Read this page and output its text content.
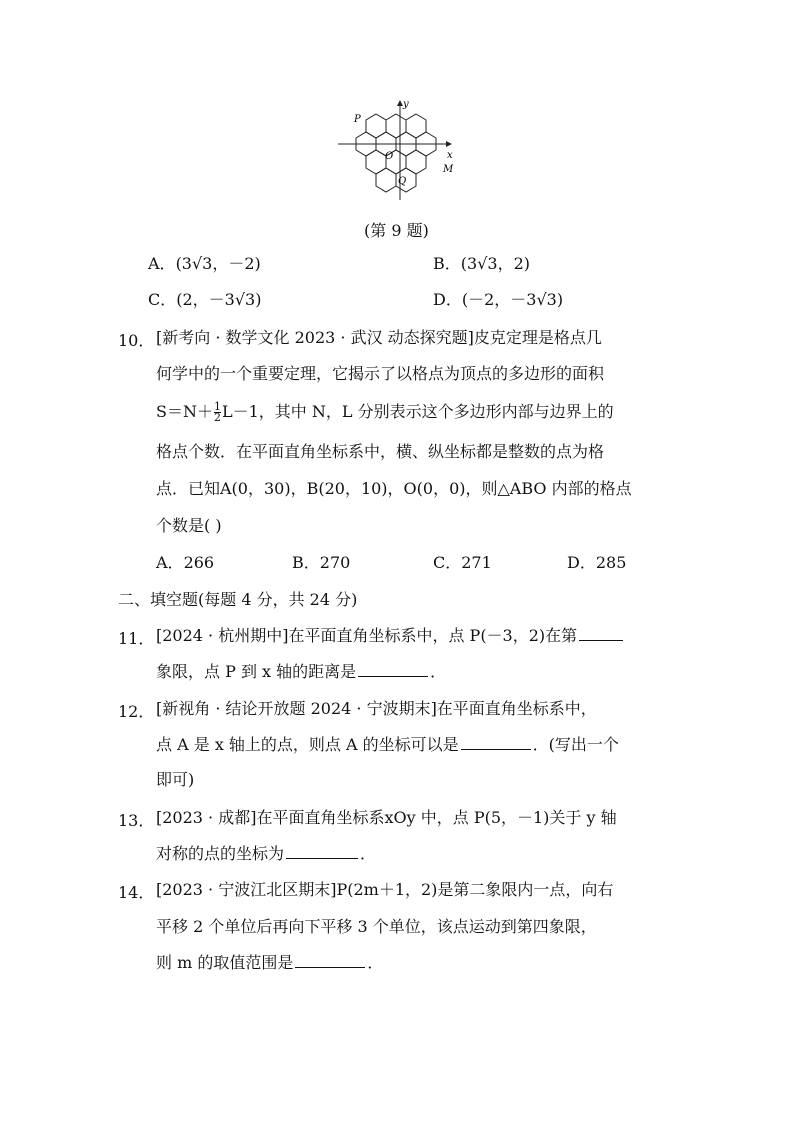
P
O
Q
M
x
y
(第 9 题)
A．(3√3，－2)	B．(3√3，2)
C．(2，－3√3)	D．(－2，－3√3)
10． [新考向 · 数学文化 2023 · 武汉 动态探究题]皮克定理是格点几
何学中的一个重要定理，它揭示了以格点为顶点的多边形的面积
$S=N+ \frac{1}{2} L-1$，其中 N，L 分别表示这个多边形内部与边界上的
格点个数．在平面直角坐标系中，横、纵坐标都是整数的点为格
点．已知A(0，30)，B(20，10)，O(0，0)，则△ABO 内部的格点
个数是( )
A．266	B．270	C．271	D．285
二、填空题(每题 4 分，共 24 分)
11． [2024 · 杭州期中]在平面直角坐标系中，点 P(－3，2)在第
象限，点 P 到 x 轴的距离是	．
12． [新视角 · 结论开放题 2024 · 宁波期末]在平面直角坐标系中，
点 A 是 x 轴上的点，则点 A 的坐标可以是	．(写出一个
即可)
13． [2023 · 成都]在平面直角坐标系xOy 中，点 P(5，－1)关于 y 轴
对称的点的坐标为	．
14． [2023 · 宁波江北区期末]P(2m＋1，2)是第二象限内一点，向右
平移 2 个单位后再向下平移 3 个单位，该点运动到第四象限，
则 m 的取值范围是	．
